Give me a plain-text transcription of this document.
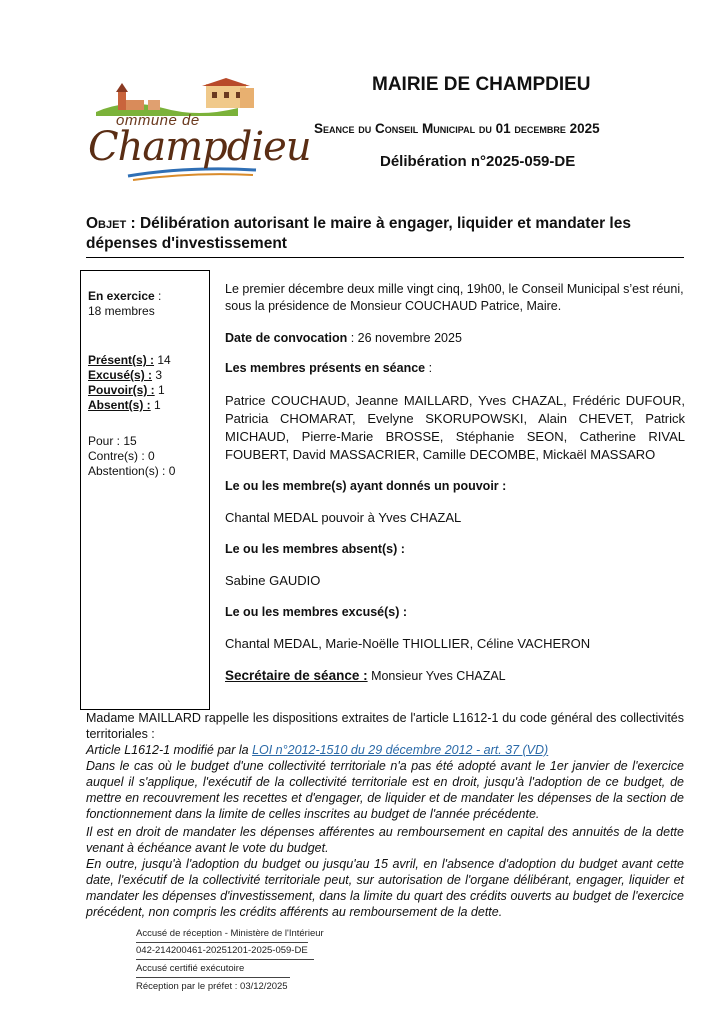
ommune de
Champdieu
MAIRIE DE CHAMPDIEU
Seance du Conseil Municipal du 01 decembre 2025
Délibération n°2025-059-DE
Objet : Délibération autorisant le maire à engager, liquider et mandater les dépenses d'investissement
En exercice :
18 membres
Présent(s) : 14
Excusé(s) : 3
Pouvoir(s) : 1
Absent(s) : 1
Pour : 15
Contre(s) : 0
Abstention(s) : 0
Le premier décembre deux mille vingt cinq, 19h00, le Conseil Municipal s’est réuni, sous la présidence de Monsieur COUCHAUD Patrice, Maire.
Date de convocation : 26 novembre 2025
Les membres présents en séance :
Patrice COUCHAUD, Jeanne MAILLARD, Yves CHAZAL, Frédéric DUFOUR, Patricia CHOMARAT, Evelyne SKORUPOWSKI, Alain CHEVET, Patrick MICHAUD, Pierre-Marie BROSSE, Stéphanie SEON, Catherine RIVAL FOUBERT, David MASSACRIER, Camille DECOMBE, Mickaël MASSARO
Le ou les membre(s) ayant donnés un pouvoir :
Chantal MEDAL pouvoir à Yves CHAZAL
Le ou les membres absent(s) :
Sabine GAUDIO
Le ou les membres excusé(s) :
Chantal MEDAL, Marie-Noëlle THIOLLIER, Céline VACHERON
Secrétaire de séance : Monsieur Yves CHAZAL
Madame MAILLARD rappelle les dispositions extraites de l'article L1612-1 du code général des collectivités territoriales :
Article L1612-1 modifié par la LOI n°2012-1510 du 29 décembre 2012 - art. 37 (VD)
Dans le cas où le budget d'une collectivité territoriale n'a pas été adopté avant le 1er janvier de l'exercice auquel il s'applique, l'exécutif de la collectivité territoriale est en droit, jusqu'à l'adoption de ce budget, de mettre en recouvrement les recettes et d'engager, de liquider et de mandater les dépenses de la section de fonctionnement dans la limite de celles inscrites au budget de l'année précédente.
Il est en droit de mandater les dépenses afférentes au remboursement en capital des annuités de la dette venant à échéance avant le vote du budget.
En outre, jusqu'à l'adoption du budget ou jusqu'au 15 avril, en l'absence d'adoption du budget avant cette date, l'exécutif de la collectivité territoriale peut, sur autorisation de l'organe délibérant, engager, liquider et mandater les dépenses d'investissement, dans la limite du quart des crédits ouverts au budget de l'exercice précédent, non compris les crédits afférents au remboursement de la dette.
Accusé de réception - Ministère de l'Intérieur
042-214200461-20251201-2025-059-DE
Accusé certifié exécutoire
Réception par le préfet : 03/12/2025
